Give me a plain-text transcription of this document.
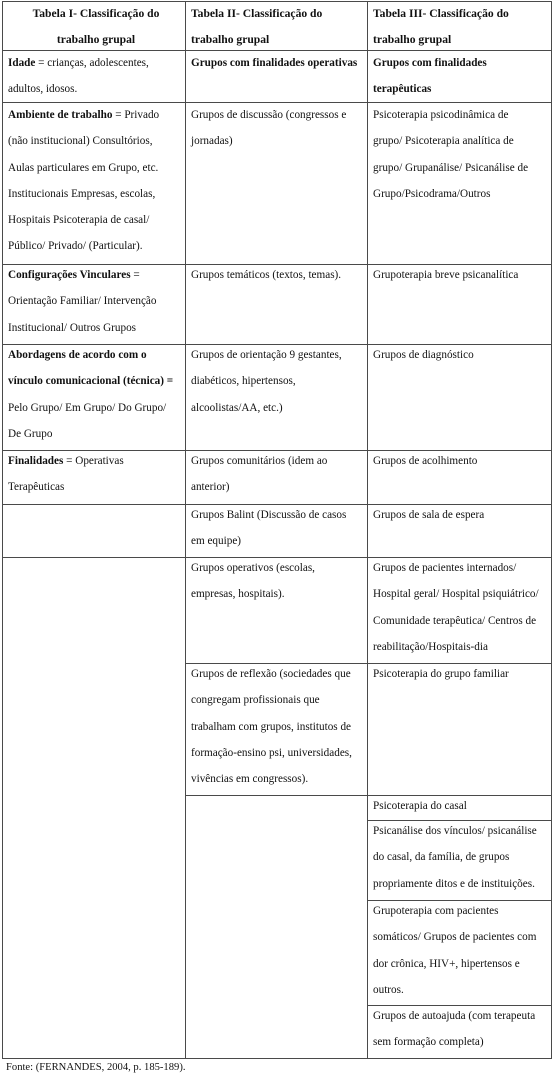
Tabela I- Classificação do
trabalho grupal
Tabela II- Classificação do
trabalho grupal
Tabela III- Classificação do
trabalho grupal
Idade = crianças, adolescentes,
adultos, idosos.
Ambiente de trabalho = Privado
(não institucional) Consultórios,
Aulas particulares em Grupo, etc.
Institucionais Empresas, escolas,
Hospitais Psicoterapia de casal/
Público/ Privado/ (Particular).
Configurações Vinculares =
Orientação Familiar/ Intervenção
Institucional/ Outros Grupos
Abordagens de acordo com o
vínculo comunicacional (técnica) =
Pelo Grupo/ Em Grupo/ Do Grupo/
De Grupo
Finalidades = Operativas
Terapêuticas
Grupos com finalidades operativas
Grupos de discussão (congressos e
jornadas)
Grupos temáticos (textos, temas).
Grupos de orientação 9 gestantes,
diabéticos, hipertensos,
alcoolistas/AA, etc.)
Grupos comunitários (idem ao
anterior)
Grupos Balint (Discussão de casos
em equipe)
Grupos operativos (escolas,
empresas, hospitais).
Grupos de reflexão (sociedades que
congregam profissionais que
trabalham com grupos, institutos de
formação-ensino psi, universidades,
vivências em congressos).
Grupos com finalidades
terapêuticas
Psicoterapia psicodinâmica de
grupo/ Psicoterapia analítica de
grupo/ Grupanálise/ Psicanálise de
Grupo/Psicodrama/Outros
Grupoterapia breve psicanalítica
Grupos de diagnóstico
Grupos de acolhimento
Grupos de sala de espera
Grupos de pacientes internados/
Hospital geral/ Hospital psiquiátrico/
Comunidade terapêutica/ Centros de
reabilitação/Hospitais-dia
Psicoterapia do grupo familiar
Psicoterapia do casal
Psicanálise dos vínculos/ psicanálise
do casal, da família, de grupos
propriamente ditos e de instituições.
Grupoterapia com pacientes
somáticos/ Grupos de pacientes com
dor crônica, HIV+, hipertensos e
outros.
Grupos de autoajuda (com terapeuta
sem formação completa)
Fonte: (FERNANDES, 2004, p. 185-189).
